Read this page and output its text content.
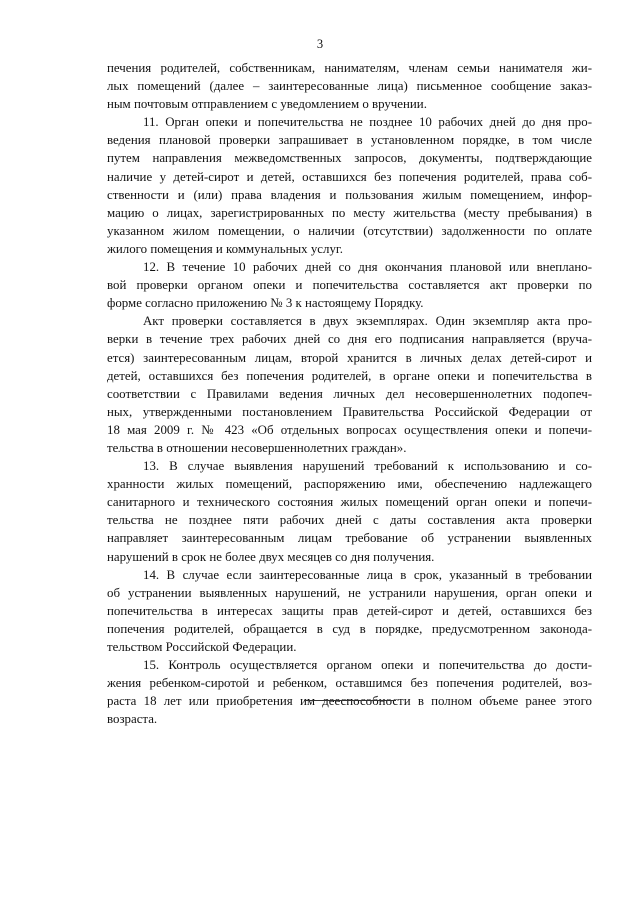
3
печения родителей, собственникам, нанимателям, членам семьи нанимателя жи-
лых помещений (далее – заинтересованные лица) письменное сообщение заказ-
ным почтовым отправлением с уведомлением о вручении.
11. Орган опеки и попечительства не позднее 10 рабочих дней до дня про-
ведения плановой проверки запрашивает в установленном порядке, в том числе
путем направления межведомственных запросов, документы, подтверждающие
наличие у детей-сирот и детей, оставшихся без попечения родителей, права соб-
ственности и (или) права владения и пользования жилым помещением, инфор-
мацию о лицах, зарегистрированных по месту жительства (месту пребывания) в
указанном жилом помещении, о наличии (отсутствии) задолженности по оплате
жилого помещения и коммунальных услуг.
12. В течение 10 рабочих дней со дня окончания плановой или внеплано-
вой проверки органом опеки и попечительства составляется акт проверки по
форме согласно приложению № 3 к настоящему Порядку.
Акт проверки составляется в двух экземплярах. Один экземпляр акта про-
верки в течение трех рабочих дней со дня его подписания направляется (вруча-
ется) заинтересованным лицам, второй хранится в личных делах детей-сирот и
детей, оставшихся без попечения родителей, в органе опеки и попечительства в
соответствии с Правилами ведения личных дел несовершеннолетних подопеч-
ных, утвержденными постановлением Правительства Российской Федерации от
18 мая 2009 г. № 423 «Об отдельных вопросах осуществления опеки и попечи-
тельства в отношении несовершеннолетних граждан».
13. В случае выявления нарушений требований к использованию и со-
хранности жилых помещений, распоряжению ими, обеспечению надлежащего
санитарного и технического состояния жилых помещений орган опеки и попечи-
тельства не позднее пяти рабочих дней с даты составления акта проверки
направляет заинтересованным лицам требование об устранении выявленных
нарушений в срок не более двух месяцев со дня получения.
14. В случае если заинтересованные лица в срок, указанный в требовании
об устранении выявленных нарушений, не устранили нарушения, орган опеки и
попечительства в интересах защиты прав детей-сирот и детей, оставшихся без
попечения родителей, обращается в суд в порядке, предусмотренном законода-
тельством Российской Федерации.
15. Контроль осуществляется органом опеки и попечительства до дости-
жения ребенком-сиротой и ребенком, оставшимся без попечения родителей, воз-
раста 18 лет или приобретения им дееспособности в полном объеме ранее этого
возраста.
